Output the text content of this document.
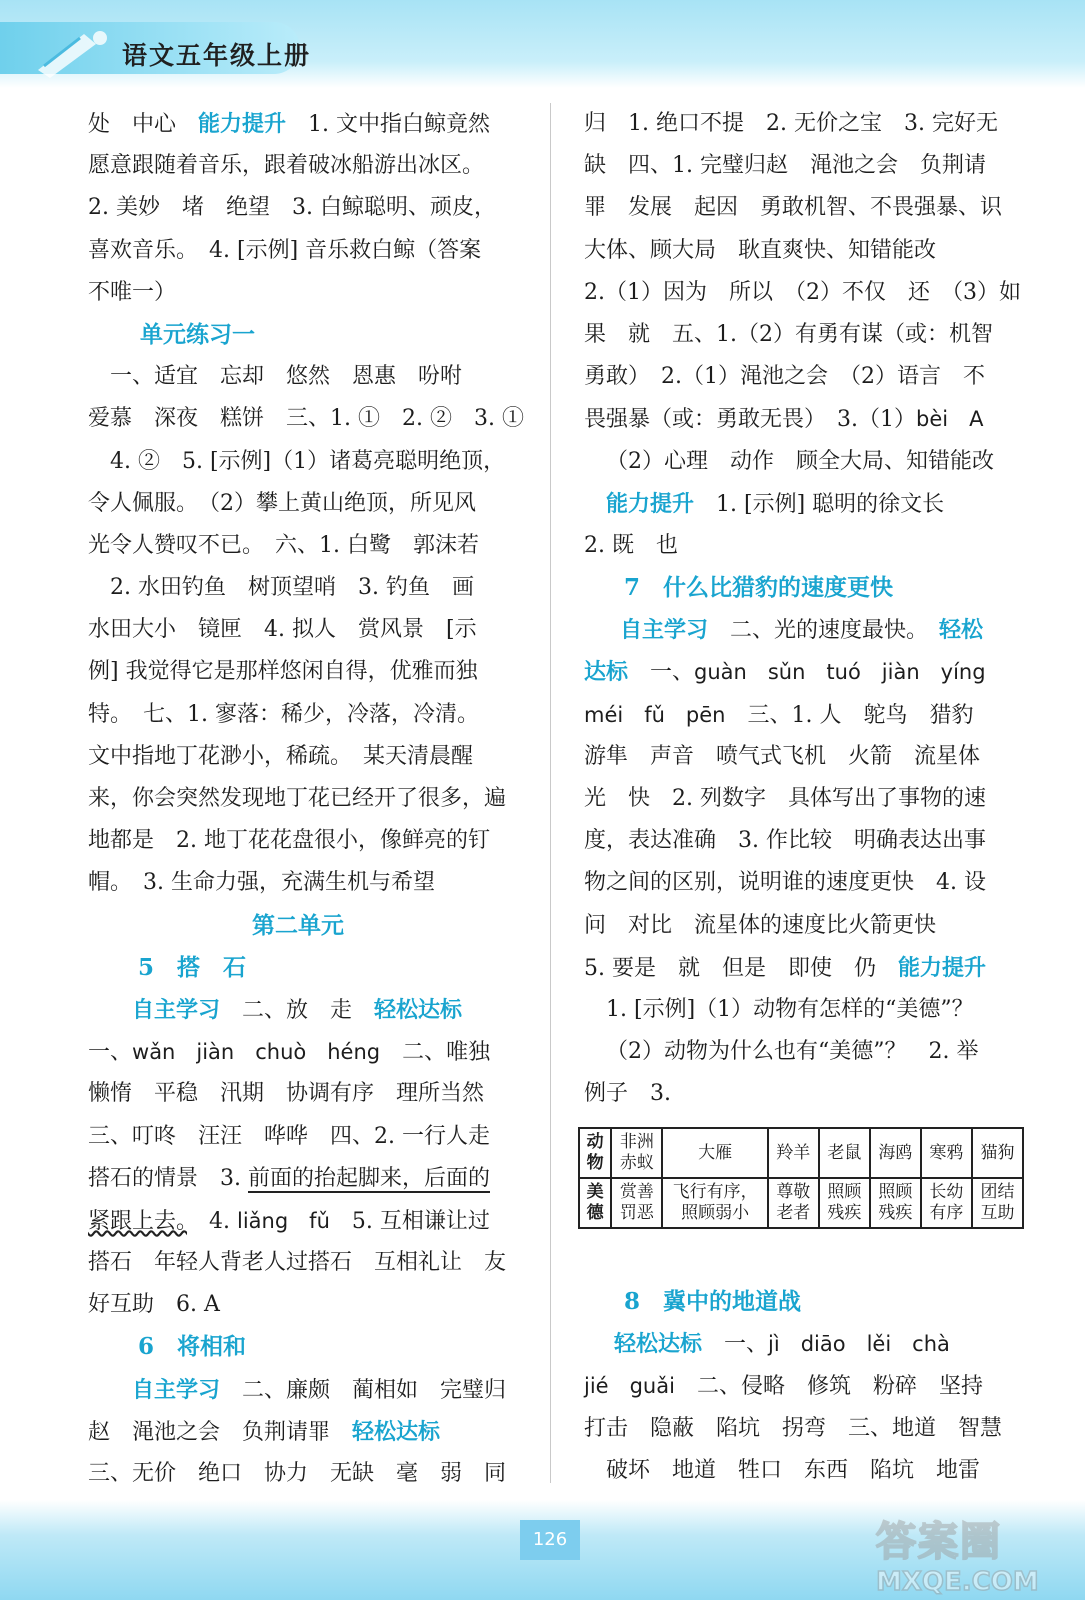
语文五年级上册
处　中心　能力提升　1. 文中指白鲸竟然
愿意跟随着音乐，跟着破冰船游出冰区。
2. 美妙　堵　绝望　3. 白鲸聪明、顽皮，
喜欢音乐。　4. [示例] 音乐救白鲸（答案
不唯一）
单元练习一
一、适宜　忘却　悠然　恩惠　吩咐
爱慕　深夜　糕饼　三、1. ①　2. ②　3. ①
4. ②　5. [示例]（1）诸葛亮聪明绝顶，
令人佩服。　（2）攀上黄山绝顶，所见风
光令人赞叹不已。　六、1. 白鹭　郭沫若
2. 水田钓鱼　树顶望哨　3. 钓鱼　画
水田大小　镜匣　4. 拟人　赏风景　[示
例] 我觉得它是那样悠闲自得，优雅而独
特。　七、1. 寥落：稀少，冷落，冷清。
文中指地丁花渺小，稀疏。　某天清晨醒
来，你会突然发现地丁花已经开了很多，遍
地都是　2. 地丁花花盘很小，像鲜亮的钉
帽。　3. 生命力强，充满生机与希望
第二单元
5　搭　石
自主学习　二、放　走　轻松达标
一、wǎn　jiàn　chuò　héng　二、唯独
懒惰　平稳　汛期　协调有序　理所当然
三、叮咚　汪汪　哗哗　四、2. 一行人走
搭石的情景　3. 前面的抬起脚来，后面的
紧跟上去。　4. liǎng　fǔ　5. 互相谦让过
搭石　年轻人背老人过搭石　互相礼让　友
好互助　6. A
6　将相和
自主学习　二、廉颇　蔺相如　完璧归
赵　渑池之会　负荆请罪　轻松达标
三、无价　绝口　协力　无缺　毫　弱　同
归　1. 绝口不提　2. 无价之宝　3. 完好无
缺　四、1. 完璧归赵　渑池之会　负荆请
罪　发展　起因　勇敢机智、不畏强暴、识
大体、顾大局　耿直爽快、知错能改
2.（1）因为　所以　（2）不仅　还　（3）如
果　就　五、1.（2）有勇有谋（或：机智
勇敢）　2.（1）渑池之会　（2）语言　不
畏强暴（或：勇敢无畏）　3.（1）bèi　A
（2）心理　动作　顾全大局、知错能改
能力提升　1. [示例] 聪明的徐文长
2. 既　也
7　什么比猎豹的速度更快
自主学习　二、光的速度最快。　轻松
达标　一、guàn　sǔn　tuó　jiàn　yíng
méi　fǔ　pēn　三、1. 人　鸵鸟　猎豹
游隼　声音　喷气式飞机　火箭　流星体
光　快　2. 列数字　具体写出了事物的速
度，表达准确　3. 作比较　明确表达出事
物之间的区别，说明谁的速度更快　4. 设
问　对比　流星体的速度比火箭更快
5. 要是　就　但是　即使　仍　能力提升
1. [示例]（1）动物有怎样的“美德”？
（2）动物为什么也有“美德”？　2. 举
例子　3.
动物	非洲赤蚁	大雁	羚羊	老鼠	海鸥	寒鸦	猫狗
美德	赏善罚恶	飞行有序，照顾弱小	尊敬老者	照顾残疾	照顾残疾	长幼有序	团结互助
8　冀中的地道战
轻松达标　一、jì　diāo　lěi　chà
jié　guǎi　二、侵略　修筑　粉碎　坚持
打击　隐蔽　陷坑　拐弯　三、地道　智慧
破坏　地道　牲口　东西　陷坑　地雷
126	答案圈
MXQE.COM
